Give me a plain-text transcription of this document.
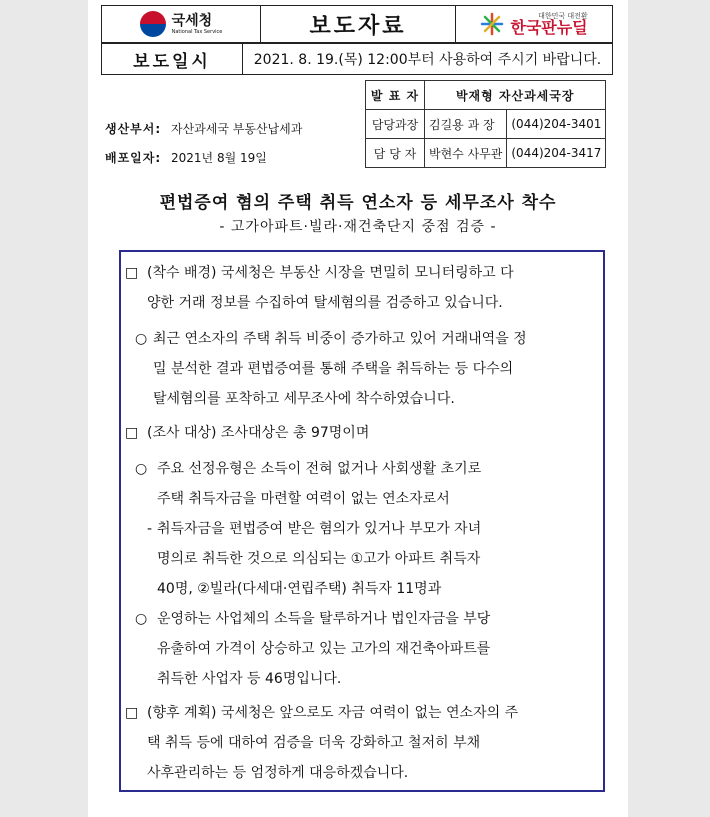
국세청
National Tax Service	보도자료	대한민국 대전환
한국판뉴딜
보도일시	2021. 8. 19.(목) 12:00부터 사용하여 주시기 바랍니다.
발 표 자	박재형 자산과세국장	
담당과장	김길용 과 장	(044)204-3401
담 당 자	박현수 사무관	(044)204-3417
생산부서: 자산과세국 부동산납세과
배포일자: 2021년 8월 19일
편법증여 혐의 주택 취득 연소자 등 세무조사 착수
- 고가아파트·빌라·재건축단지 중점 검증 -
□ (착수 배경) 국세청은 부동산 시장을 면밀히 모니터링하고 다
양한 거래 정보를 수집하여 탈세혐의를 검증하고 있습니다.
○ 최근 연소자의 주택 취득 비중이 증가하고 있어 거래내역을 정
밀 분석한 결과 편법증여를 통해 주택을 취득하는 등 다수의
탈세혐의를 포착하고 세무조사에 착수하였습니다.
□ (조사 대상) 조사대상은 총 97명이며
○ 주요 선정유형은 소득이 전혀 없거나 사회생활 초기로
주택 취득자금을 마련할 여력이 없는 연소자로서
- 취득자금을 편법증여 받은 혐의가 있거나 부모가 자녀
명의로 취득한 것으로 의심되는 ①고가 아파트 취득자
40명, ②빌라(다세대·연립주택) 취득자 11명과
○ 운영하는 사업체의 소득을 탈루하거나 법인자금을 부당
유출하여 가격이 상승하고 있는 고가의 재건축아파트를
취득한 사업자 등 46명입니다.
□ (향후 계획) 국세청은 앞으로도 자금 여력이 없는 연소자의 주
택 취득 등에 대하여 검증을 더욱 강화하고 철저히 부채
사후관리하는 등 엄정하게 대응하겠습니다.
